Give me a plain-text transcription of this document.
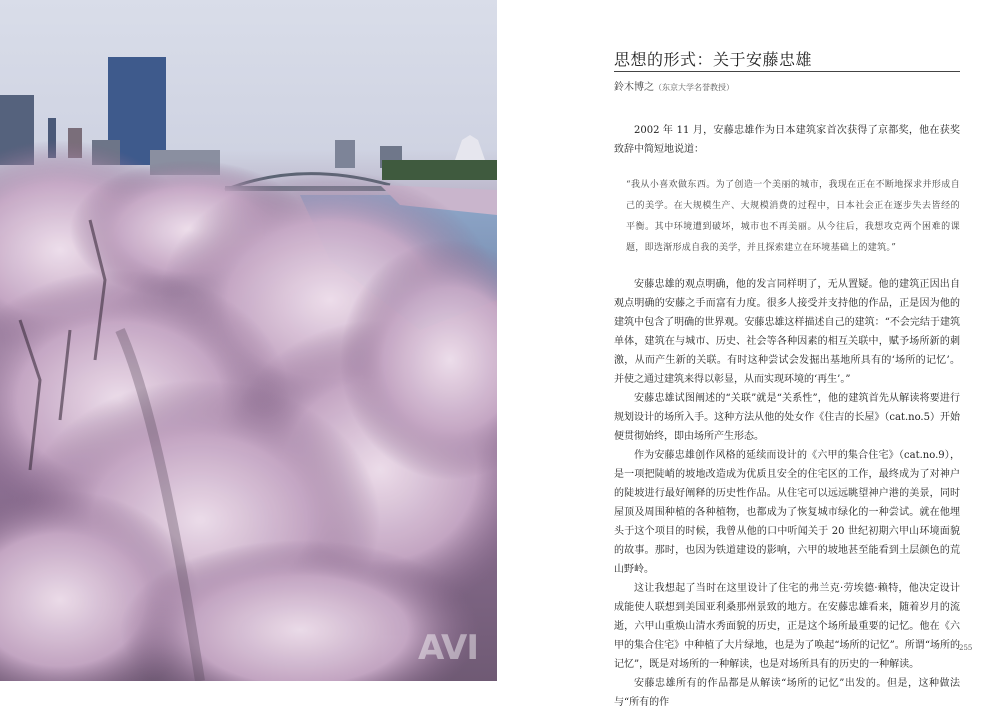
AVI
思想的形式：关于安藤忠雄
鈴木博之（东京大学名誉教授）

2002 年 11 月，安藤忠雄作为日本建筑家首次获得了京都奖，他在获奖致辞中简短地说道：

“我从小喜欢做东西。为了创造一个美丽的城市，我现在正在不断地探求并形成自己的美学。在大规模生产、大规模消费的过程中，日本社会正在逐步失去皆经的平衡。其中环境遭到破坏，城市也不再美丽。从今往后，我想攻克两个困难的课题，即选渐形成自我的美学，并且探索建立在环境基础上的建筑。”

安藤忠雄的观点明确，他的发言同样明了，无从置疑。他的建筑正因出自观点明确的安藤之手而富有力度。很多人接受并支持他的作品，正是因为他的建筑中包含了明确的世界观。安藤忠雄这样描述自己的建筑：“不会完结于建筑单体，建筑在与城市、历史、社会等各种因素的相互关联中，赋予场所新的刺激，从而产生新的关联。有时这种尝试会发掘出基地所具有的‘场所的记忆’。并使之通过建筑来得以彰显，从而实现环境的‘再生’。”

安藤忠雄试图阐述的“关联”就是“关系性”，他的建筑首先从解读将要进行规划设计的场所入手。这种方法从他的处女作《住吉的长屋》（cat.no.5）开始便贯彻始终，即由场所产生形态。

作为安藤忠雄创作风格的延续而设计的《六甲的集合住宅》（cat.no.9），是一项把陡峭的坡地改造成为优质且安全的住宅区的工作，最终成为了对神户的陡坡进行最好阐释的历史性作品。从住宅可以远远眺望神户港的美景，同时屋顶及周围种植的各种植物，也都成为了恢复城市绿化的一种尝试。就在他埋头于这个项目的时候，我曾从他的口中听闻关于 20 世纪初期六甲山环境面貌的故事。那时，也因为铁道建设的影响，六甲的坡地甚至能看到土层颜色的荒山野岭。

这让我想起了当时在这里设计了住宅的弗兰克·劳埃德·赖特，他决定设计成能使人联想到美国亚利桑那州景致的地方。在安藤忠雄看来，随着岁月的流逝，六甲山重焕山清水秀面貌的历史，正是这个场所最重要的记忆。他在《六甲的集合住宅》中种植了大片绿地，也是为了唤起“场所的记忆”。所谓“场所的记忆”，既是对场所的一种解读，也是对场所具有的历史的一种解读。

安藤忠雄所有的作品都是从解读“场所的记忆”出发的。但是，这种做法与“所有的作

255
